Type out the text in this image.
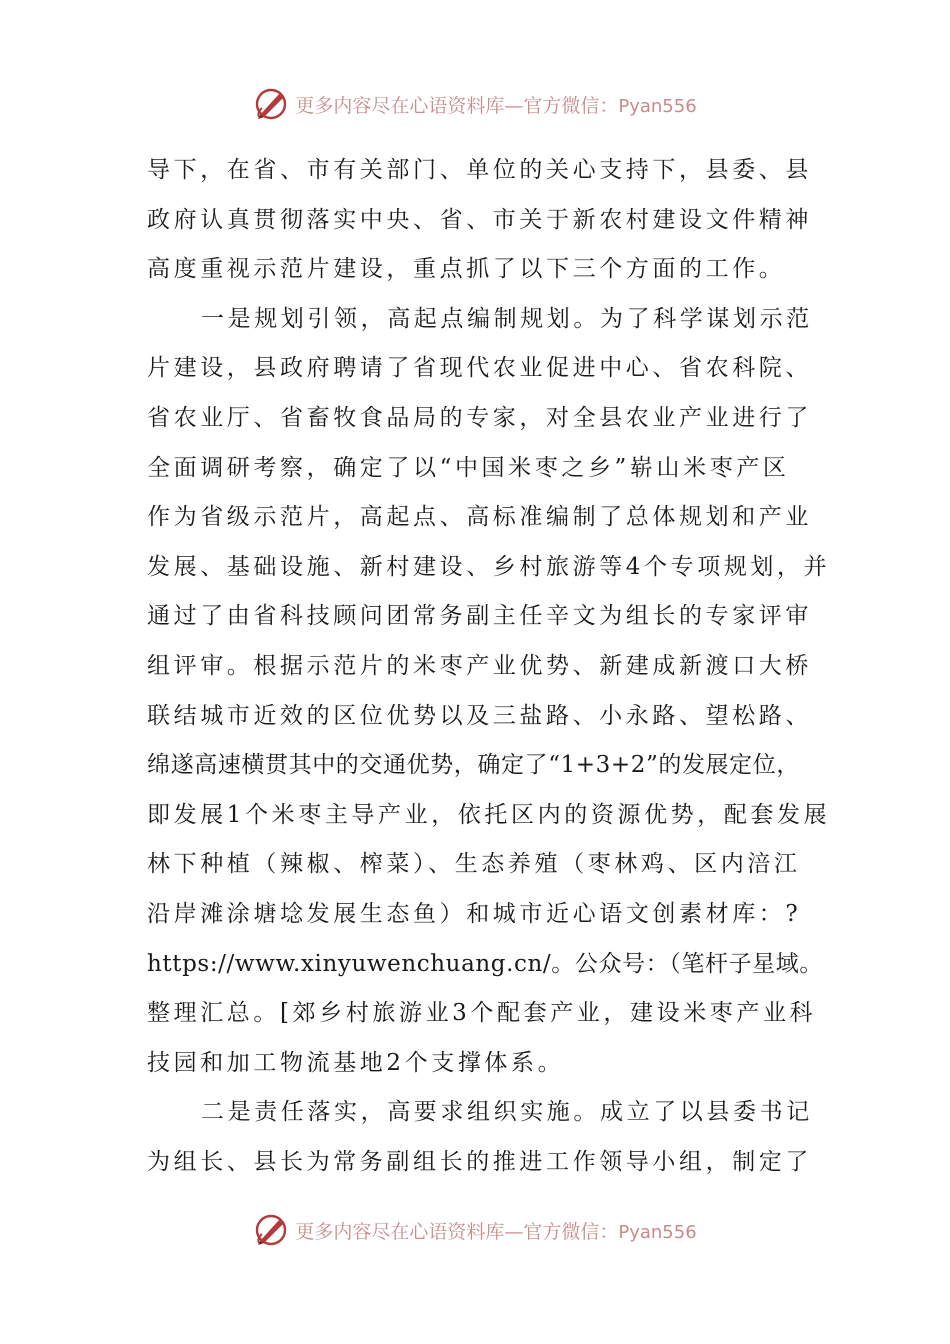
更多内容尽在心语资料库—官方微信：Pyan556
导下，在省、市有关部门、单位的关心支持下，县委、县
政府认真贯彻落实中央、省、市关于新农村建设文件精神
高度重视示范片建设，重点抓了以下三个方面的工作。
一是规划引领，高起点编制规划。为了科学谋划示范
片建设，县政府聘请了省现代农业促进中心、省农科院、
省农业厅、省畜牧食品局的专家，对全县农业产业进行了
全面调研考察，确定了以“中国米枣之乡”崭山米枣产区
作为省级示范片，高起点、高标准编制了总体规划和产业
发展、基础设施、新村建设、乡村旅游等4个专项规划，并
通过了由省科技顾问团常务副主任辛文为组长的专家评审
组评审。根据示范片的米枣产业优势、新建成新渡口大桥
联结城市近效的区位优势以及三盐路、小永路、望松路、
绵遂高速横贯其中的交通优势，确定了“1+3+2”的发展定位，
即发展1个米枣主导产业，依托区内的资源优势，配套发展
林下种植（辣椒、榨菜）、生态养殖（枣林鸡、区内涪江
沿岸滩涂塘埝发展生态鱼）和城市近心语文创素材库：?
https://www.xinyuwenchuang.cn/。公众号：（笔杆子星域。
整理汇总。[郊乡村旅游业3个配套产业，建设米枣产业科
技园和加工物流基地2个支撑体系。
二是责任落实，高要求组织实施。成立了以县委书记
为组长、县长为常务副组长的推进工作领导小组，制定了
更多内容尽在心语资料库—官方微信：Pyan556
